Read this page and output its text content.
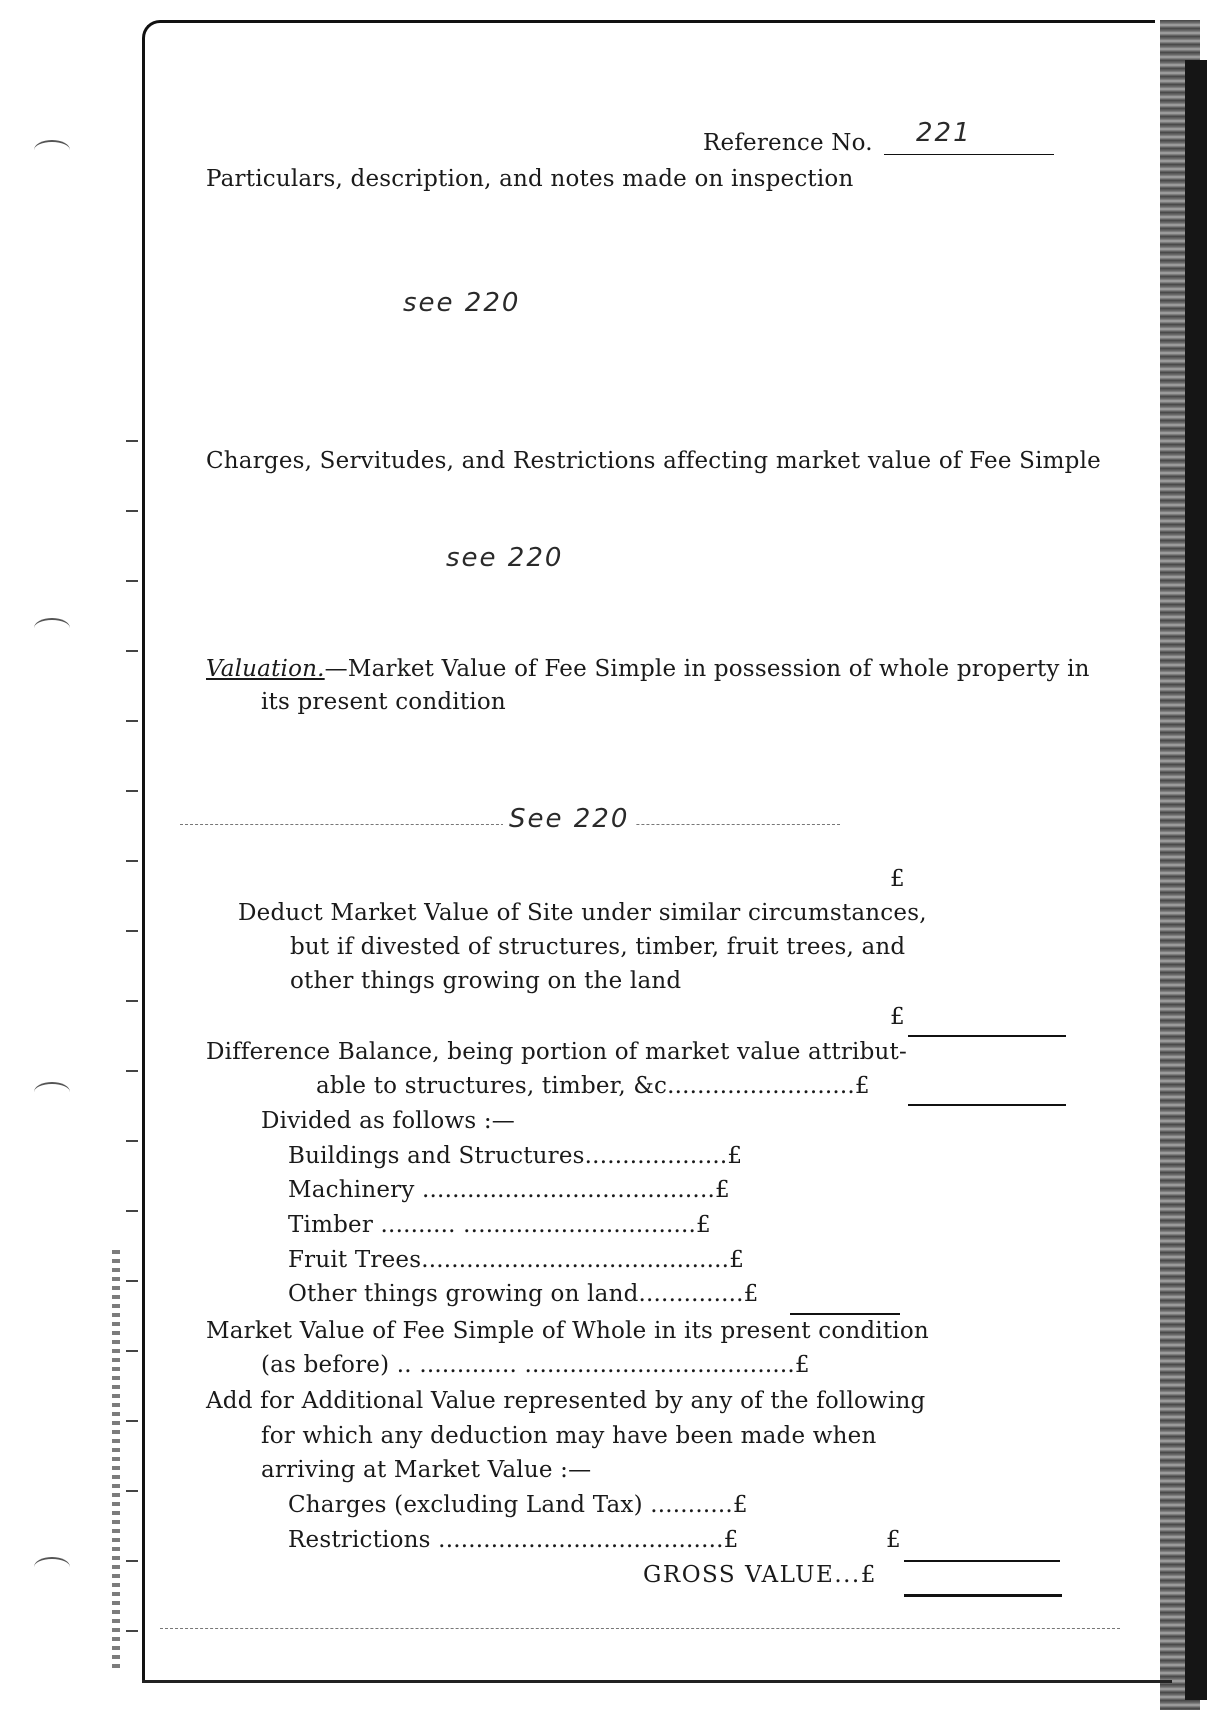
Reference No. 221
Particulars, description, and notes made on inspection
see 220
Charges, Servitudes, and Restrictions affecting market value of Fee Simple
see 220
Valuation.—Market Value of Fee Simple in possession of whole property in
its present condition
See 220
£
Deduct Market Value of Site under similar circumstances,
but if divested of structures, timber, fruit trees, and
other things growing on the land
£
Difference Balance, being portion of market value attribut-
able to structures, timber, &c.........................£
Divided as follows :—
Buildings and Structures...................£
Machinery .......................................£
Timber .......... ...............................£
Fruit Trees.........................................£
Other things growing on land..............£
Market Value of Fee Simple of Whole in its present condition
(as before) .. ............. ....................................£
Add for Additional Value represented by any of the following
for which any deduction may have been made when
arriving at Market Value :—
Charges (excluding Land Tax) ...........£
Restrictions ......................................£	£
GROSS VALUE...£
